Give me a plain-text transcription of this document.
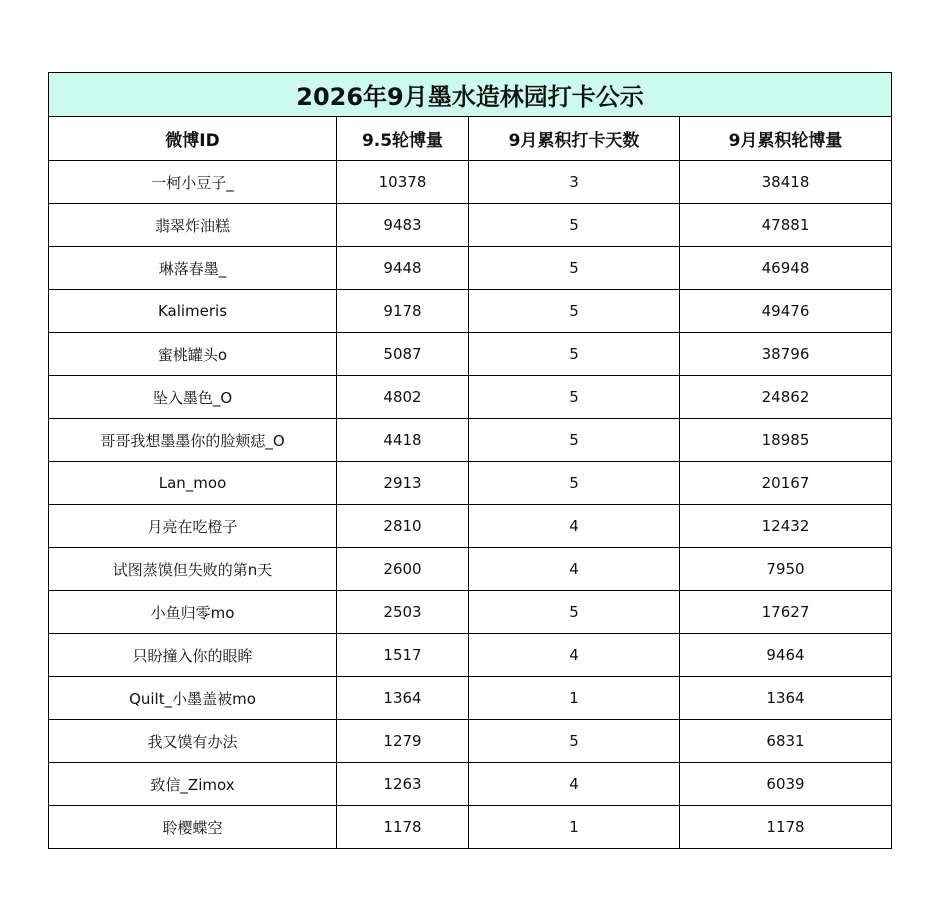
2026年9月墨水造林园打卡公示			
微博ID	9.5轮博量	9月累积打卡天数	9月累积轮博量
一柯小豆子_	10378	3	38418
翡翠炸油糕	9483	5	47881
琳落春墨_	9448	5	46948
Kalimeris	9178	5	49476
蜜桃罐头o	5087	5	38796
坠入墨色_O	4802	5	24862
哥哥我想墨墨你的脸颊痣_O	4418	5	18985
Lan_moo	2913	5	20167
月亮在吃橙子	2810	4	12432
试图蒸馍但失败的第n天	2600	4	7950
小鱼归零mo	2503	5	17627
只盼撞入你的眼眸	1517	4	9464
Quilt_小墨盖被mo	1364	1	1364
我又馍有办法	1279	5	6831
致信_Zimox	1263	4	6039
聆樱蝶空	1178	1	1178
